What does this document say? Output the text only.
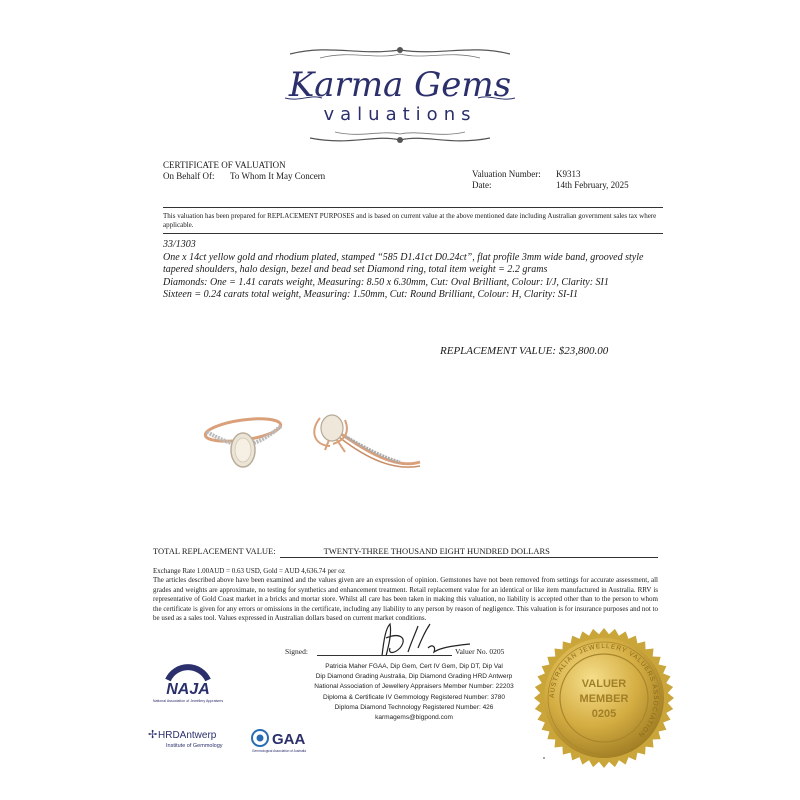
Karma Gems
valuations
CERTIFICATE OF VALUATION
On Behalf Of:	To Whom It May Concern	Valuation Number:	K9313
Date:	14th February, 2025
This valuation has been prepared for REPLACEMENT PURPOSES and is based on current value at the above mentioned date including Australian government sales tax where applicable.

33/1303

One x 14ct yellow gold and rhodium plated, stamped “585 D1.41ct D0.24ct”, flat profile 3mm wide band, grooved style tapered shoulders, halo design, bezel and bead set Diamond ring, total item weight = 2.2 grams

Diamonds: One = 1.41 carats weight, Measuring: 8.50 x 6.30mm, Cut: Oval Brilliant, Colour: I/J, Clarity: SI1

Sixteen = 0.24 carats total weight, Measuring: 1.50mm, Cut: Round Brilliant, Colour: H, Clarity: SI-I1

REPLACEMENT VALUE: $23,800.00
TOTAL REPLACEMENT VALUE:	TWENTY-THREE THOUSAND EIGHT HUNDRED DOLLARS
Exchange Rate 1.00AUD = 0.63 USD, Gold = AUD 4,636.74 per oz
The articles described above have been examined and the values given are an expression of opinion. Gemstones have not been removed from settings for accurate assessment, all grades and weights are approximate, no testing for synthetics and enhancement treatment. Retail replacement value for an identical or like item manufactured in Australia. RRV is representative of Gold Coast market in a bricks and mortar store. Whilst all care has been taken in making this valuation, no liability is accepted other than to the person to whom the certificate is given for any errors or omissions in the certificate, including any liability to any person by reason of negligence. This valuation is for insurance purposes and not to be used as a sales tool. Values expressed in Australian dollars based on current market conditions.
Signed:	Valuer No. 0205
Patricia Maher FGAA, Dip Gem, Cert IV Gem, Dip DT, Dip Val
Dip Diamond Grading Australia, Dip Diamond Grading HRD Antwerp
National Association of Jewellery Appraisers Member Number: 22203
Diploma & Certificate IV Gemmology Registered Number: 3780
Diploma Diamond Technology Registered Number: 426
karmagems@bigpond.com
NAJA
National Association of Jewellery Appraisers
✢ HRDAntwerp
Institute of Gemmology	GAA
Gemmological Association of Australia
AUSTRALIAN JEWELLERY VALUERS ASSOCIATION
VALUER
MEMBER
0205
